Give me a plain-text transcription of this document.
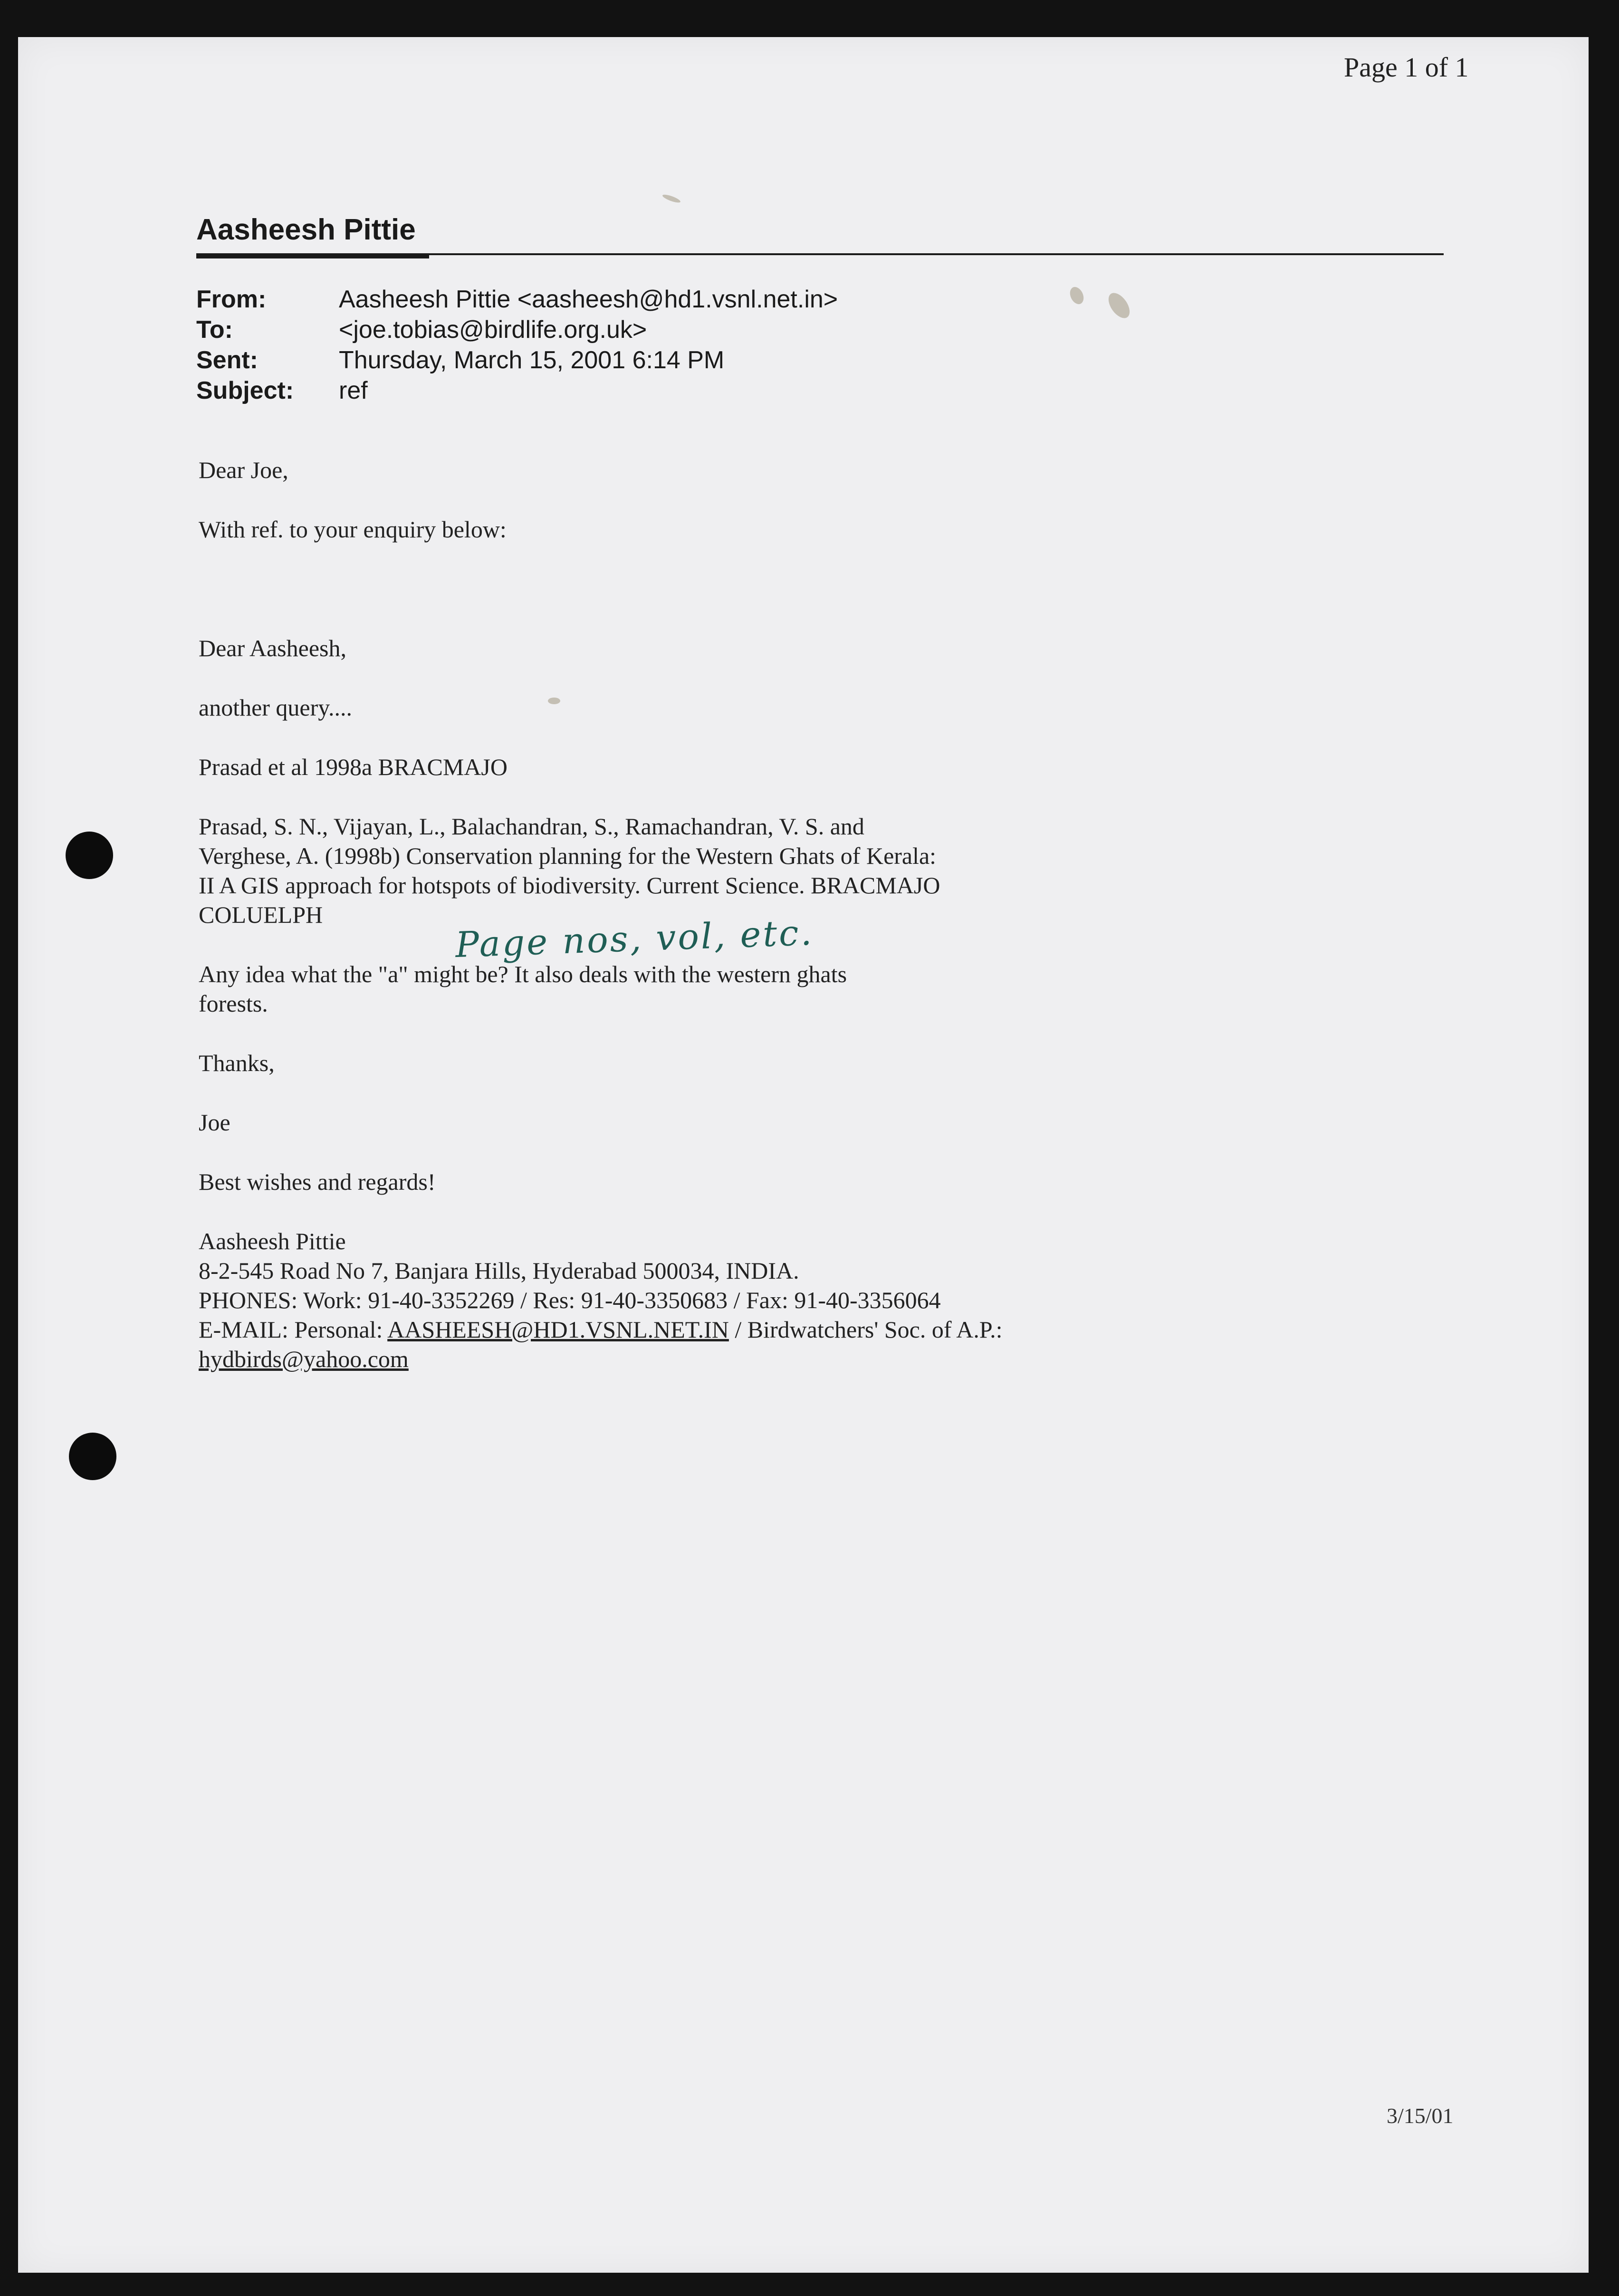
Page 1 of 1
Aasheesh Pittie
From:	Aasheesh Pittie <aasheesh@hd1.vsnl.net.in>
To:	<joe.tobias@birdlife.org.uk>
Sent:	Thursday, March 15, 2001 6:14 PM
Subject:	ref

Dear Joe,

With ref. to your enquiry below:

Dear Aasheesh,

another query....

Prasad et al 1998a BRACMAJO

Prasad, S. N., Vijayan, L., Balachandran, S., Ramachandran, V. S. and
Verghese, A. (1998b) Conservation planning for the Western Ghats of Kerala:
II A GIS approach for hotspots of biodiversity. Current Science. BRACMAJO
COLUELPH

Any idea what the "a" might be? It also deals with the western ghats
forests.

Thanks,

Joe

Best wishes and regards!

Aasheesh Pittie
8-2-545 Road No 7, Banjara Hills, Hyderabad 500034, INDIA.
PHONES: Work: 91-40-3352269 / Res: 91-40-3350683 / Fax: 91-40-3356064
E-MAIL: Personal: AASHEESH@HD1.VSNL.NET.IN / Birdwatchers' Soc. of A.P.:
hydbirds@yahoo.com

Page nos, vol, etc.
3/15/01
